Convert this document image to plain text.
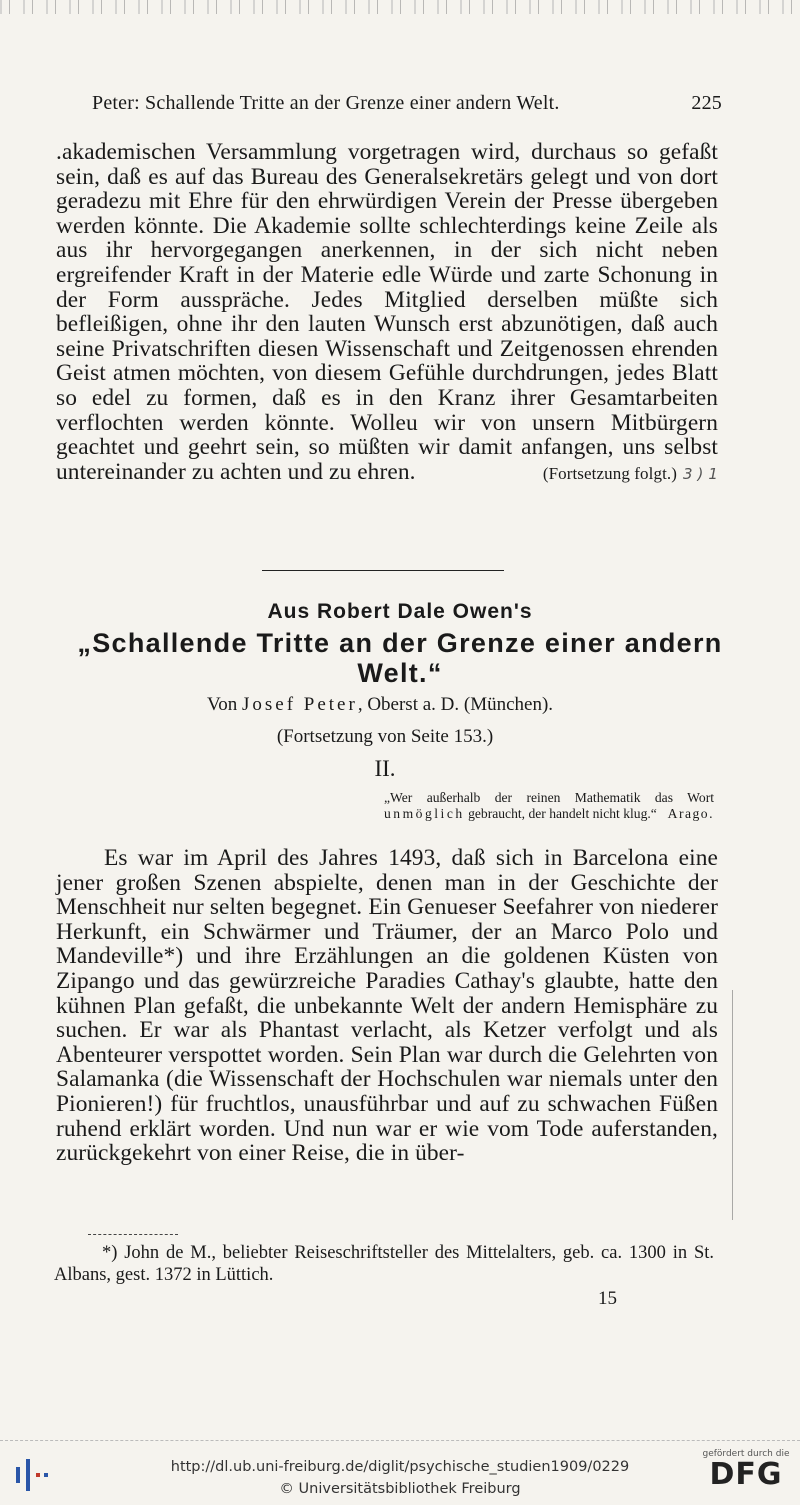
Peter: Schallende Tritte an der Grenze einer andern Welt.	225

.akademischen Versammlung vorgetragen wird, durchaus so gefaßt sein, daß es auf das Bureau des Generalsekretärs gelegt und von dort geradezu mit Ehre für den ehrwürdigen Verein der Presse übergeben werden könnte. Die Akademie sollte schlechterdings keine Zeile als aus ihr hervorgegangen anerkennen, in der sich nicht neben ergreifender Kraft in der Materie edle Würde und zarte Schonung in der Form ausspräche. Jedes Mitglied derselben müßte sich befleißigen, ohne ihr den lauten Wunsch erst abzunötigen, daß auch seine Privatschriften diesen Wissenschaft und Zeitgenossen ehrenden Geist atmen möchten, von diesem Gefühle durchdrungen, jedes Blatt so edel zu formen, daß es in den Kranz ihrer Gesamtarbeiten verflochten werden könnte. Wolleu wir von unsern Mitbürgern geachtet und geehrt sein, so müßten wir damit anfangen, uns selbst untereinander zu achten und zu ehren.	(Fortsetzung folgt.) 3 ) 1

Aus Robert Dale Owen's
„Schallende Tritte an der Grenze einer andern Welt.“
Von Josef Peter, Oberst a. D. (München).
(Fortsetzung von Seite 153.)
II.
„Wer außerhalb der reinen Mathematik das Wort unmöglich gebraucht, der handelt nicht klug.“ Arago.

Es war im April des Jahres 1493, daß sich in Barcelona eine jener großen Szenen abspielte, denen man in der Geschichte der Menschheit nur selten begegnet. Ein Genueser Seefahrer von niederer Herkunft, ein Schwärmer und Träumer, der an Marco Polo und Mandeville*) und ihre Erzählungen an die goldenen Küsten von Zipango und das gewürzreiche Paradies Cathay's glaubte, hatte den kühnen Plan gefaßt, die unbekannte Welt der andern Hemisphäre zu suchen. Er war als Phantast verlacht, als Ketzer verfolgt und als Abenteurer verspottet worden. Sein Plan war durch die Gelehrten von Salamanka (die Wissenschaft der Hochschulen war niemals unter den Pionieren!) für fruchtlos, unausführbar und auf zu schwachen Füßen ruhend erklärt worden. Und nun war er wie vom Tode auferstanden, zurückgekehrt von einer Reise, die in über-

*) John de M., beliebter Reiseschriftsteller des Mittelalters, geb. ca. 1300 in St. Albans, gest. 1372 in Lüttich.

15
http://dl.ub.uni-freiburg.de/diglit/psychische_studien1909/0229
© Universitätsbibliothek Freiburg
gefördert durch die
DFG
